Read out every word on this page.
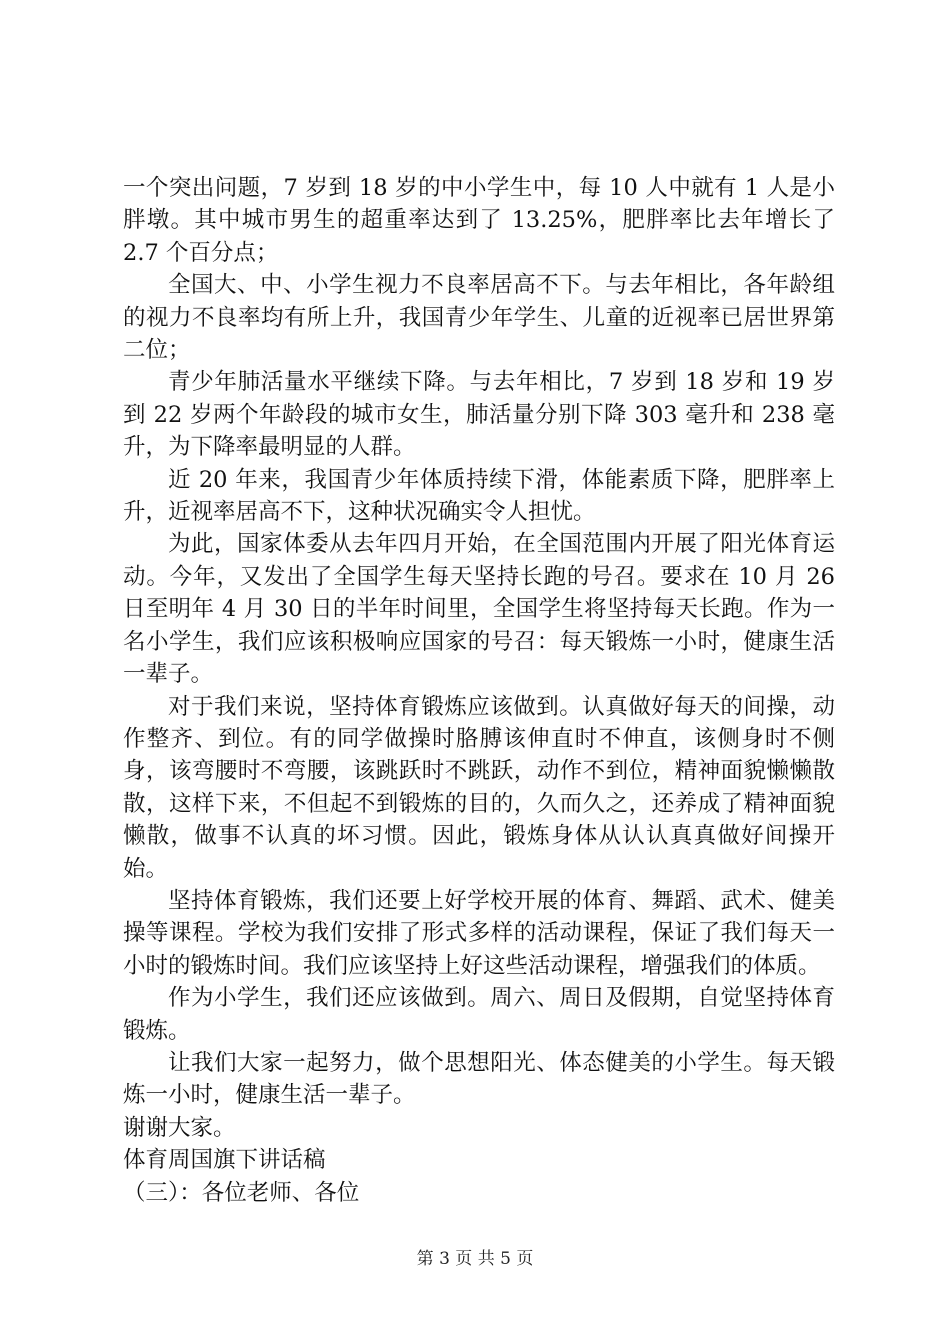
一个突出问题，7 岁到 18 岁的中小学生中，每 10 人中就有 1 人是小胖墩。其中城市男生的超重率达到了 13.25%，肥胖率比去年增长了 2.7 个百分点；

全国大、中、小学生视力不良率居高不下。与去年相比，各年龄组的视力不良率均有所上升，我国青少年学生、儿童的近视率已居世界第二位；

青少年肺活量水平继续下降。与去年相比，7 岁到 18 岁和 19 岁到 22 岁两个年龄段的城市女生，肺活量分别下降 303 毫升和 238 毫升，为下降率最明显的人群。

近 20 年来，我国青少年体质持续下滑，体能素质下降，肥胖率上升，近视率居高不下，这种状况确实令人担忧。

为此，国家体委从去年四月开始，在全国范围内开展了阳光体育运动。今年，又发出了全国学生每天坚持长跑的号召。要求在 10 月 26 日至明年 4 月 30 日的半年时间里，全国学生将坚持每天长跑。作为一名小学生，我们应该积极响应国家的号召：每天锻炼一小时，健康生活一辈子。

对于我们来说，坚持体育锻炼应该做到。认真做好每天的间操，动作整齐、到位。有的同学做操时胳膊该伸直时不伸直，该侧身时不侧身，该弯腰时不弯腰，该跳跃时不跳跃，动作不到位，精神面貌懒懒散散，这样下来，不但起不到锻炼的目的，久而久之，还养成了精神面貌懒散，做事不认真的坏习惯。因此，锻炼身体从认认真真做好间操开始。

坚持体育锻炼，我们还要上好学校开展的体育、舞蹈、武术、健美操等课程。学校为我们安排了形式多样的活动课程，保证了我们每天一小时的锻炼时间。我们应该坚持上好这些活动课程，增强我们的体质。

作为小学生，我们还应该做到。周六、周日及假期，自觉坚持体育锻炼。

让我们大家一起努力，做个思想阳光、体态健美的小学生。每天锻炼一小时，健康生活一辈子。

谢谢大家。

体育周国旗下讲话稿

（三）：各位老师、各位

第 3 页 共 5 页
